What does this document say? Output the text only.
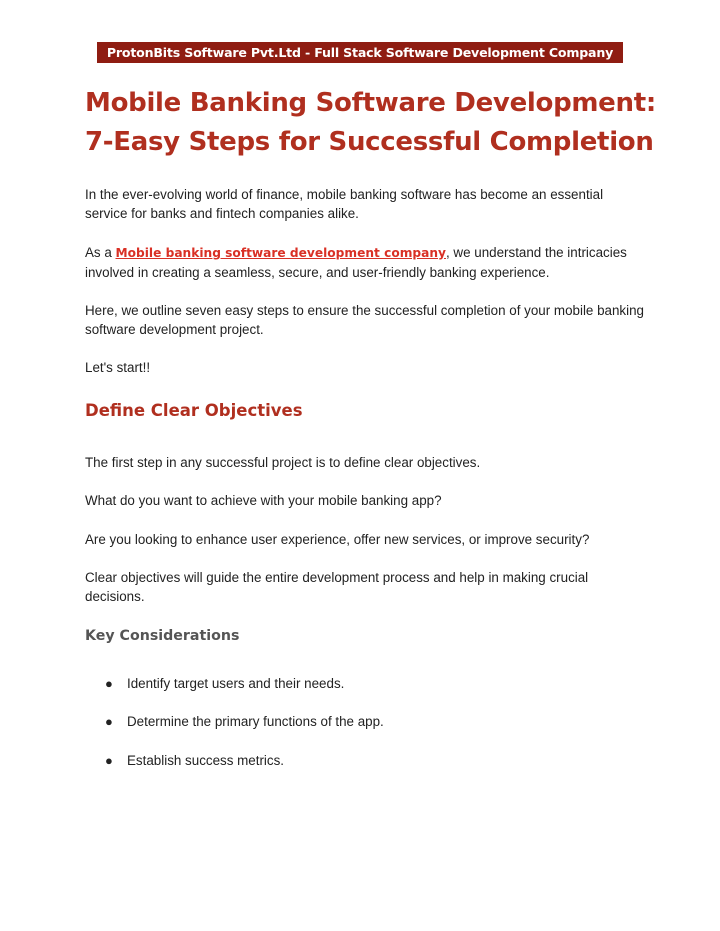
ProtonBits Software Pvt.Ltd - Full Stack Software Development Company
Mobile Banking Software Development:
7-Easy Steps for Successful Completion

In the ever-evolving world of finance, mobile banking software has become an essential service for banks and fintech companies alike.

As a Mobile banking software development company, we understand the intricacies involved in creating a seamless, secure, and user-friendly banking experience.

Here, we outline seven easy steps to ensure the successful completion of your mobile banking software development project.

Let's start!!

Define Clear Objectives

The first step in any successful project is to define clear objectives.

What do you want to achieve with your mobile banking app?

Are you looking to enhance user experience, offer new services, or improve security?

Clear objectives will guide the entire development process and help in making crucial decisions.

Key Considerations
●	Identify target users and their needs.
●	Determine the primary functions of the app.
●	Establish success metrics.
